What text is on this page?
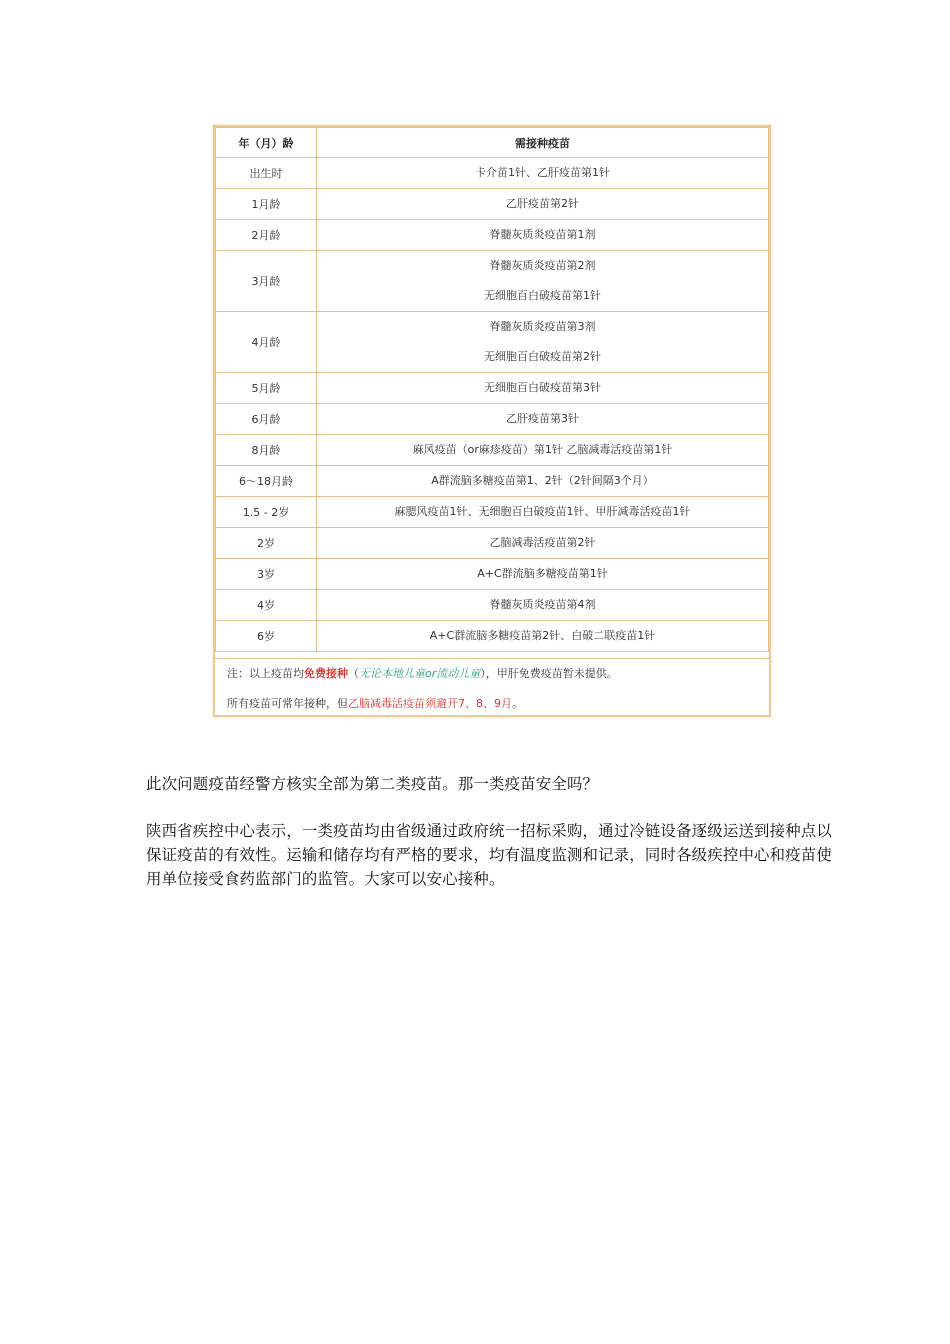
年（月）龄	需接种疫苗
出生时	卡介苗1针、乙肝疫苗第1针

1月龄	乙肝疫苗第2针

2月龄	脊髓灰质炎疫苗第1剂

3月龄	脊髓灰质炎疫苗第2剂
无细胞百白破疫苗第1针

4月龄	脊髓灰质炎疫苗第3剂
无细胞百白破疫苗第2针

5月龄	无细胞百白破疫苗第3针

6月龄	乙肝疫苗第3针

8月龄	麻风疫苗（or麻疹疫苗）第1针 乙脑减毒活疫苗第1针

6～18月龄	A群流脑多糖疫苗第1、2针（2针间隔3个月）

1.5 - 2岁	麻腮风疫苗1针、无细胞百白破疫苗1针、甲肝减毒活疫苗1针

2岁	乙脑减毒活疫苗第2针

3岁	A+C群流脑多糖疫苗第1针

4岁	脊髓灰质炎疫苗第4剂

6岁	A+C群流脑多糖疫苗第2针、白破二联疫苗1针
注：以上疫苗均免费接种（无论本地儿童or流动儿童），甲肝免费疫苗暂未提供。
所有疫苗可常年接种，但乙脑减毒活疫苗须避开7、8、9月。
此次问题疫苗经警方核实全部为第二类疫苗。那一类疫苗安全吗？
陕西省疾控中心表示，一类疫苗均由省级通过政府统一招标采购，通过冷链设备逐级运送到接种点以保证疫苗的有效性。运输和储存均有严格的要求，均有温度监测和记录，同时各级疾控中心和疫苗使用单位接受食药监部门的监管。大家可以安心接种。
